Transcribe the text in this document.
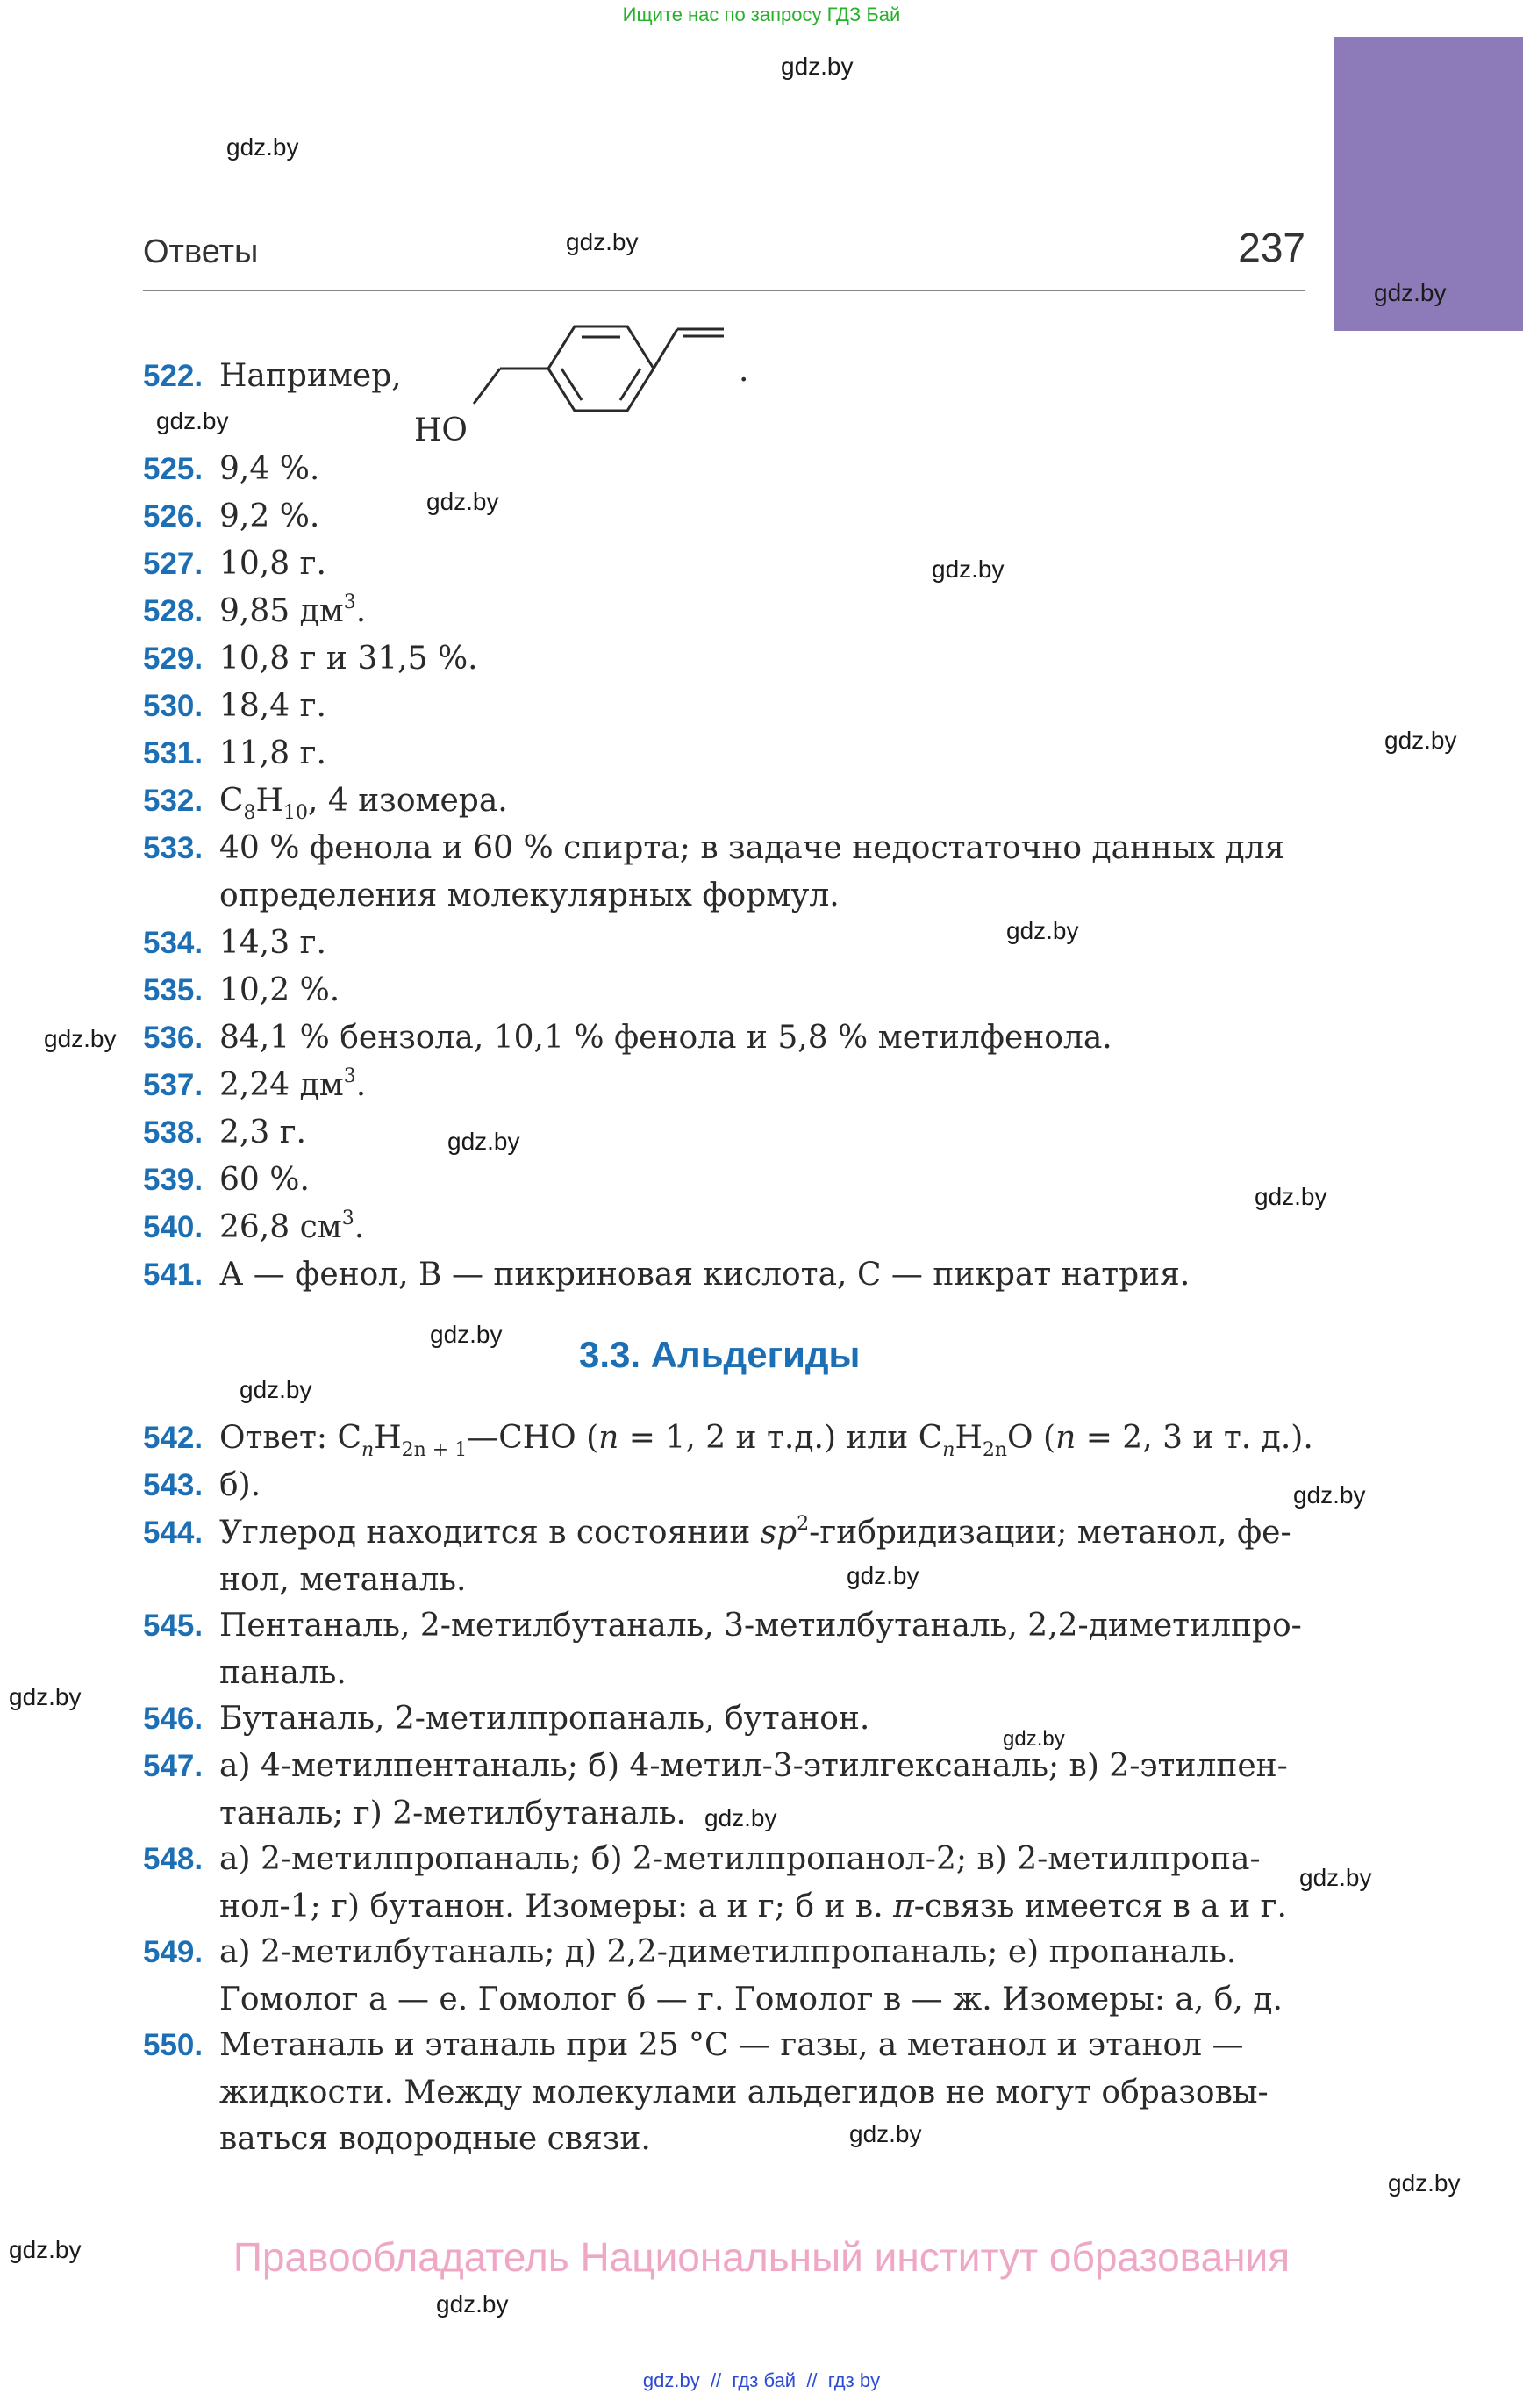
Ищите нас по запросу ГДЗ Бай
Ответы	237
gdz.by
gdz.by
gdz.by
gdz.by
gdz.by
gdz.by
gdz.by
gdz.by
gdz.by
gdz.by
gdz.by
gdz.by
gdz.by
gdz.by
gdz.by
gdz.by
gdz.by
gdz.by
gdz.by
gdz.by
gdz.by
gdz.by
gdz.by
gdz.by
HO
.
522. Например,
525. 9,4 %.
526. 9,2 %.
527. 10,8 г.
528. 9,85 $дм^3$.
529. 10,8 г и 31,5 %.
530. 18,4 г.
531. 11,8 г.
532. $C_8H_{10}$, 4 изомера.
533. 40 % фенола и 60 % спирта; в задаче недостаточно данных для
определения молекулярных формул.
534. 14,3 г.
535. 10,2 %.
536. 84,1 % бензола, 10,1 % фенола и 5,8 % метилфенола.
537. 2,24 $дм^3$.
538. 2,3 г.
539. 60 %.
540. 26,8 $см^3$.
541. А — фенол, В — пикриновая кислота, С — пикрат натрия.
3.3. Альдегиды
542. Ответ: $C_nH_{2n + 1}—CHO$ (n = 1, 2 и т.д.) или $C_nH_{2n}O$ (n = 2, 3 и т. д.).
543. б).
544. Углерод находится в состоянии $sp^2$-гибридизации; метанол, фе-
нол, метаналь.
545. Пентаналь, 2-метилбутаналь, 3-метилбутаналь, 2,2-диметилпро-
паналь.
546. Бутаналь, 2-метилпропаналь, бутанон.
547. а) 4-метилпентаналь; б) 4-метил-3-этилгексаналь; в) 2-этилпен-
таналь; г) 2-метилбутаналь.
548. а) 2-метилпропаналь; б) 2-метилпропанол-2; в) 2-метилпропа-
нол-1; г) бутанон. Изомеры: а и г; б и в. π-связь имеется в а и г.
549. а) 2-метилбутаналь; д) 2,2-диметилпропаналь; е) пропаналь.
Гомолог а — е. Гомолог б — г. Гомолог в — ж. Изомеры: а, б, д.
550. Метаналь и этаналь при 25 °С — газы, а метанол и этанол —
жидкости. Между молекулами альдегидов не могут образовы-
ваться водородные связи.
Правообладатель Национальный институт образования
gdz.by  //  гдз бай  //  гдз by
